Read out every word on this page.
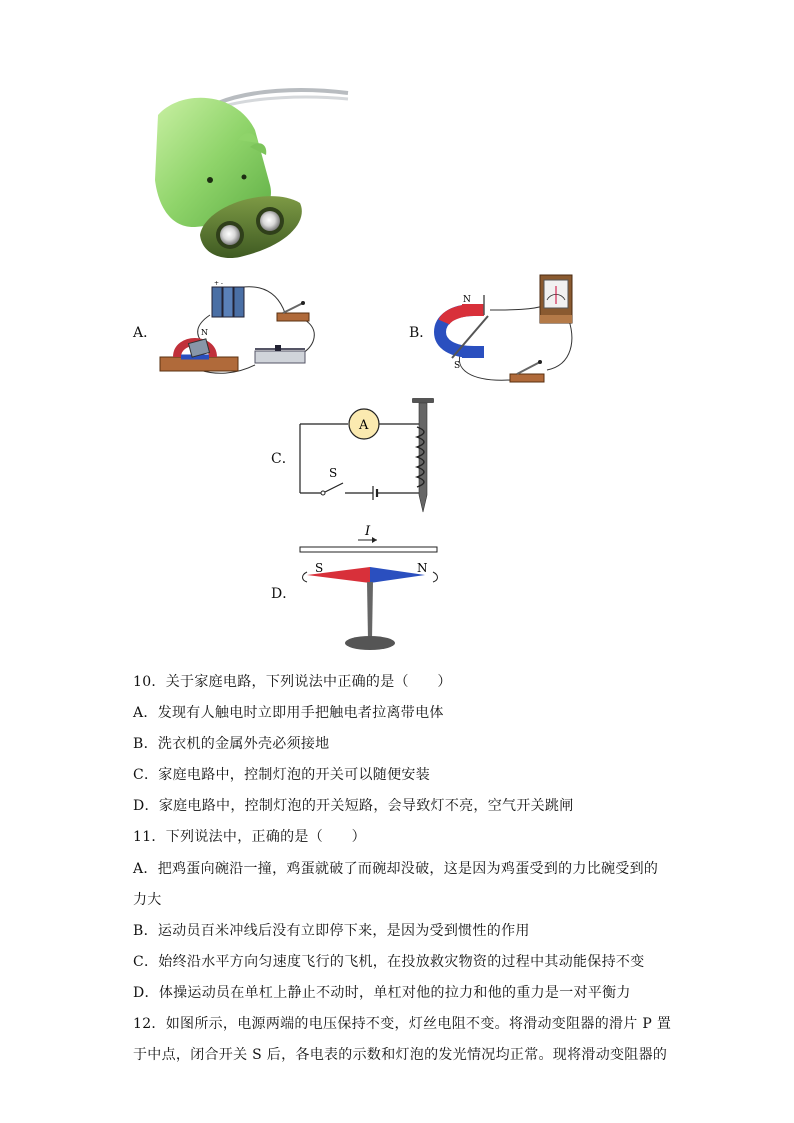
A．
+ -
N	B．
N
S
C．
S
A
D．
I
S	N
10．关于家庭电路，下列说法中正确的是（　　）
A．发现有人触电时立即用手把触电者拉离带电体
B．洗衣机的金属外壳必须接地
C．家庭电路中，控制灯泡的开关可以随便安装
D．家庭电路中，控制灯泡的开关短路，会导致灯不亮，空气开关跳闸
11．下列说法中，正确的是（　　）
A．把鸡蛋向碗沿一撞，鸡蛋就破了而碗却没破，这是因为鸡蛋受到的力比碗受到的
力大
B．运动员百米冲线后没有立即停下来，是因为受到惯性的作用
C．始终沿水平方向匀速度飞行的飞机，在投放救灾物资的过程中其动能保持不变
D．体操运动员在单杠上静止不动时，单杠对他的拉力和他的重力是一对平衡力
12．如图所示，电源两端的电压保持不变，灯丝电阻不变。将滑动变阻器的滑片 P 置
于中点，闭合开关 S 后，各电表的示数和灯泡的发光情况均正常。现将滑动变阻器的
